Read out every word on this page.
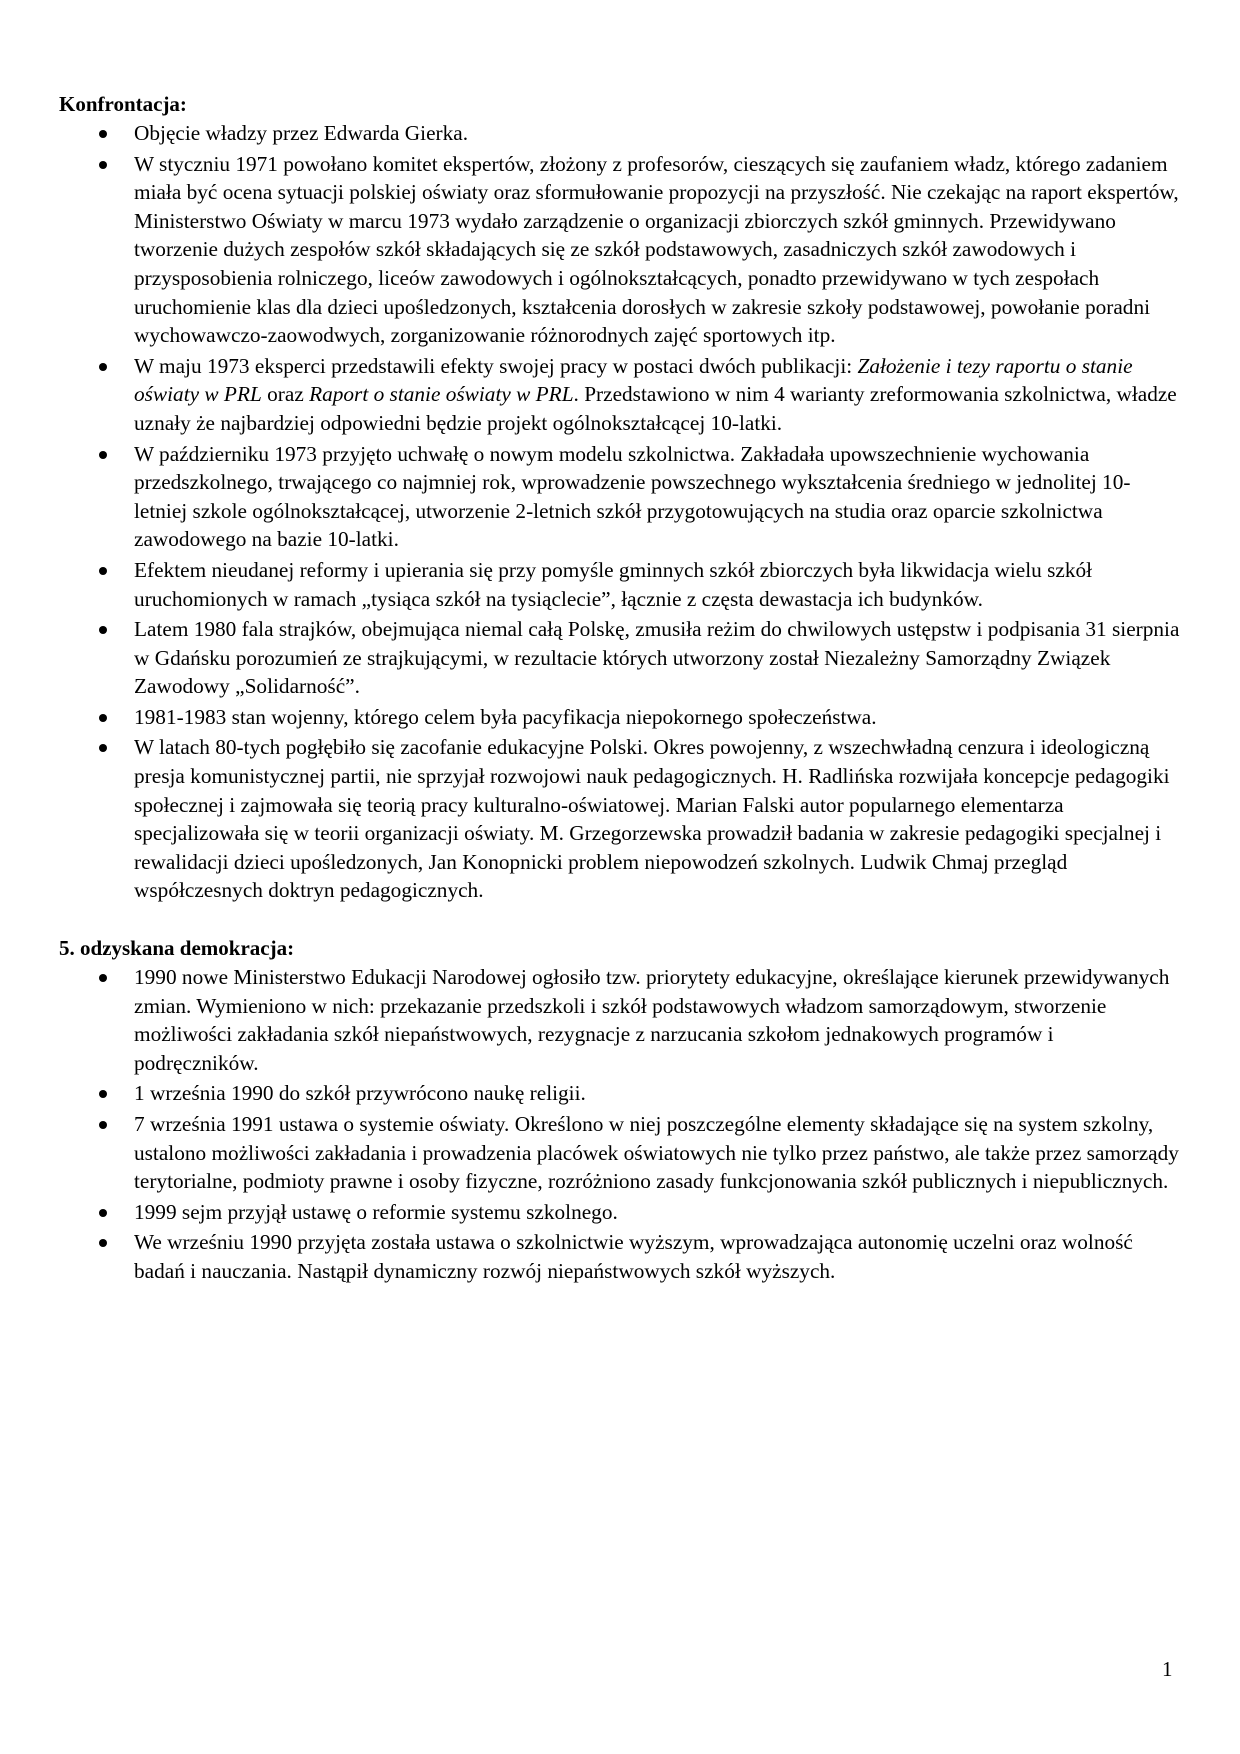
Konfrontacja:

Objęcie władzy przez Edwarda Gierka.
W styczniu 1971 powołano komitet ekspertów, złożony z profesorów, cieszących się zaufaniem władz, którego zadaniem miała być ocena sytuacji polskiej oświaty oraz sformułowanie propozycji na przyszłość. Nie czekając na raport ekspertów, Ministerstwo Oświaty w marcu 1973 wydało zarządzenie o organizacji zbiorczych szkół gminnych. Przewidywano tworzenie dużych zespołów szkół składających się ze szkół podstawowych, zasadniczych szkół zawodowych i przysposobienia rolniczego, liceów zawodowych i ogólnokształcących, ponadto przewidywano w tych zespołach uruchomienie klas dla dzieci upośledzonych, kształcenia dorosłych w zakresie szkoły podstawowej, powołanie poradni wychowawczo-zaowodwych, zorganizowanie różnorodnych zajęć sportowych itp.
W maju 1973 eksperci przedstawili efekty swojej pracy w postaci dwóch publikacji: Założenie i tezy raportu o stanie oświaty w PRL oraz Raport o stanie oświaty w PRL. Przedstawiono w nim 4 warianty zreformowania szkolnictwa, władze uznały że najbardziej odpowiedni będzie projekt ogólnokształcącej 10-latki.
W październiku 1973 przyjęto uchwałę o nowym modelu szkolnictwa. Zakładała upowszechnienie wychowania przedszkolnego, trwającego co najmniej rok, wprowadzenie powszechnego wykształcenia średniego w jednolitej 10-letniej szkole ogólnokształcącej, utworzenie 2-letnich szkół przygotowujących na studia oraz oparcie szkolnictwa zawodowego na bazie 10-latki.
Efektem nieudanej reformy i upierania się przy pomyśle gminnych szkół zbiorczych była likwidacja wielu szkół uruchomionych w ramach „tysiąca szkół na tysiąclecie”, łącznie z częsta dewastacja ich budynków.
Latem 1980 fala strajków, obejmująca niemal całą Polskę, zmusiła reżim do chwilowych ustępstw i podpisania 31 sierpnia w Gdańsku porozumień ze strajkującymi, w rezultacie których utworzony został Niezależny Samorządny Związek Zawodowy „Solidarność”.
1981-1983 stan wojenny, którego celem była pacyfikacja niepokornego społeczeństwa.
W latach 80-tych pogłębiło się zacofanie edukacyjne Polski. Okres powojenny, z wszechwładną cenzura i ideologiczną presja komunistycznej partii, nie sprzyjał rozwojowi nauk pedagogicznych. H. Radlińska rozwijała koncepcje pedagogiki społecznej i zajmowała się teorią pracy kulturalno-oświatowej. Marian Falski autor popularnego elementarza specjalizowała się w teorii organizacji oświaty. M. Grzegorzewska prowadził badania w zakresie pedagogiki specjalnej i rewalidacji dzieci upośledzonych, Jan Konopnicki problem niepowodzeń szkolnych. Ludwik Chmaj przegląd współczesnych doktryn pedagogicznych.

5. odzyskana demokracja:

1990 nowe Ministerstwo Edukacji Narodowej ogłosiło tzw. priorytety edukacyjne, określające kierunek przewidywanych zmian. Wymieniono w nich: przekazanie przedszkoli i szkół podstawowych władzom samorządowym, stworzenie możliwości zakładania szkół niepaństwowych, rezygnacje z narzucania szkołom jednakowych programów i podręczników.
1 września 1990 do szkół przywrócono naukę religii.
7 września 1991 ustawa o systemie oświaty. Określono w niej poszczególne elementy składające się na system szkolny, ustalono możliwości zakładania i prowadzenia placówek oświatowych nie tylko przez państwo, ale także przez samorządy terytorialne, podmioty prawne i osoby fizyczne, rozróżniono zasady funkcjonowania szkół publicznych i niepublicznych.
1999 sejm przyjął ustawę o reformie systemu szkolnego.
We wrześniu 1990 przyjęta została ustawa o szkolnictwie wyższym, wprowadzająca autonomię uczelni oraz wolność badań i nauczania. Nastąpił dynamiczny rozwój niepaństwowych szkół wyższych.
1
